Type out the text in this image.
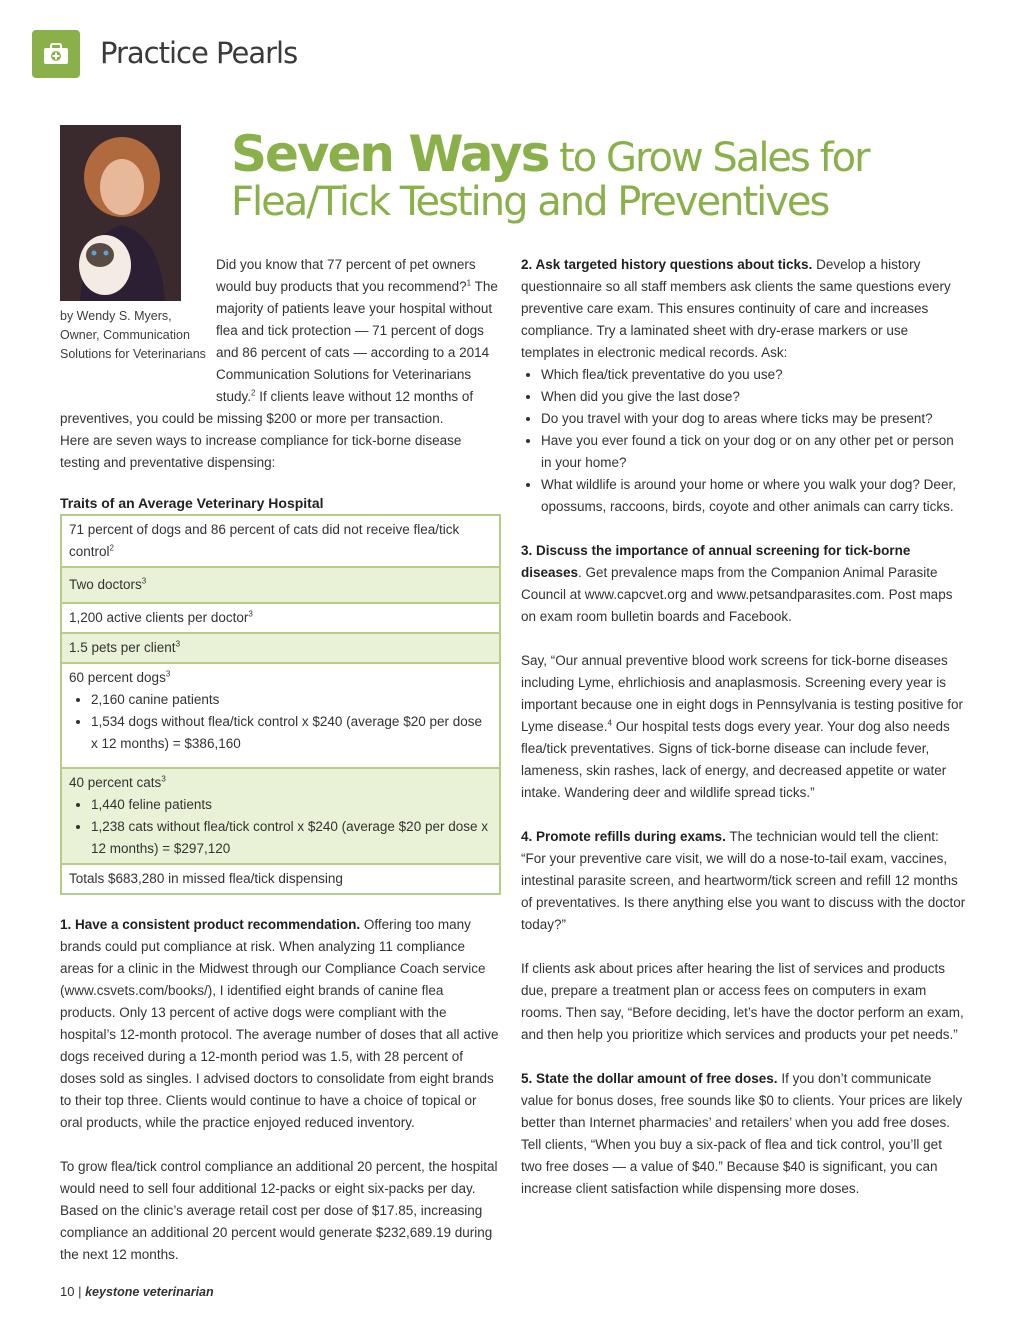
Practice Pearls
by Wendy S. Myers,
Owner, Communication
Solutions for Veterinarians
Seven Ways to Grow Sales for
Flea/Tick Testing and Preventives
Did you know that 77 percent of pet owners would buy products that you recommend?$^1$ The majority of patients leave your hospital without flea and tick protection — 71 percent of dogs and 86 percent of cats — according to a 2014 Communication Solutions for Veterinarians study.$^2$ If clients leave without 12 months of
preventives, you could be missing $200 or more per transaction.
Here are seven ways to increase compliance for tick-borne disease testing and preventative dispensing:
Traits of an Average Veterinary Hospital
71 percent of dogs and 86 percent of cats did not receive flea/tick control$^2$
Two doctors$^3$
1,200 active clients per doctor$^3$
1.5 pets per client$^3$

60 percent dogs$^3$
• 2,160 canine patients
• 1,534 dogs without flea/tick control x $240 (average $20 per dose x 12 months) = $386,160

40 percent cats$^3$
• 1,440 feline patients
• 1,238 cats without flea/tick control x $240 (average $20 per dose x 12 months) = $297,120

Totals $683,280 in missed flea/tick dispensing

1. Have a consistent product recommendation. Offering too many brands could put compliance at risk. When analyzing 11 compliance areas for a clinic in the Midwest through our Compliance Coach service (www.csvets.com/books/), I identified eight brands of canine flea products. Only 13 percent of active dogs were compliant with the hospital’s 12-month protocol. The average number of doses that all active dogs received during a 12-month period was 1.5, with 28 percent of doses sold as singles. I advised doctors to consolidate from eight brands to their top three. Clients would continue to have a choice of topical or oral products, while the practice enjoyed reduced inventory.

To grow flea/tick control compliance an additional 20 percent, the hospital would need to sell four additional 12-packs or eight six-packs per day. Based on the clinic’s average retail cost per dose of $17.85, increasing compliance an additional 20 percent would generate $232,689.19 during the next 12 months.

2. Ask targeted history questions about ticks. Develop a history questionnaire so all staff members ask clients the same questions every preventive care exam. This ensures continuity of care and increases compliance. Try a laminated sheet with dry-erase markers or use templates in electronic medical records. Ask:

• Which flea/tick preventative do you use?
• When did you give the last dose?
• Do you travel with your dog to areas where ticks may be present?
• Have you ever found a tick on your dog or on any other pet or person in your home?
• What wildlife is around your home or where you walk your dog? Deer, opossums, raccoons, birds, coyote and other animals can carry ticks.

3. Discuss the importance of annual screening for tick-borne diseases. Get prevalence maps from the Companion Animal Parasite Council at www.capcvet.org and www.petsandparasites.com. Post maps on exam room bulletin boards and Facebook.

Say, “Our annual preventive blood work screens for tick-borne diseases including Lyme, ehrlichiosis and anaplasmosis. Screening every year is important because one in eight dogs in Pennsylvania is testing positive for Lyme disease.$^4$ Our hospital tests dogs every year. Your dog also needs flea/tick preventatives. Signs of tick-borne disease can include fever, lameness, skin rashes, lack of energy, and decreased appetite or water intake. Wandering deer and wildlife spread ticks.”

4. Promote refills during exams. The technician would tell the client: “For your preventive care visit, we will do a nose-to-tail exam, vaccines, intestinal parasite screen, and heartworm/tick screen and refill 12 months of preventatives. Is there anything else you want to discuss with the doctor today?”

If clients ask about prices after hearing the list of services and products due, prepare a treatment plan or access fees on computers in exam rooms. Then say, “Before deciding, let’s have the doctor perform an exam, and then help you prioritize which services and products your pet needs.”

5. State the dollar amount of free doses. If you don’t communicate value for bonus doses, free sounds like $0 to clients. Your prices are likely better than Internet pharmacies’ and retailers’ when you add free doses. Tell clients, “When you buy a six-pack of flea and tick control, you’ll get two free doses — a value of $40.” Because $40 is significant, you can increase client satisfaction while dispensing more doses.

10 | keystone veterinarian
